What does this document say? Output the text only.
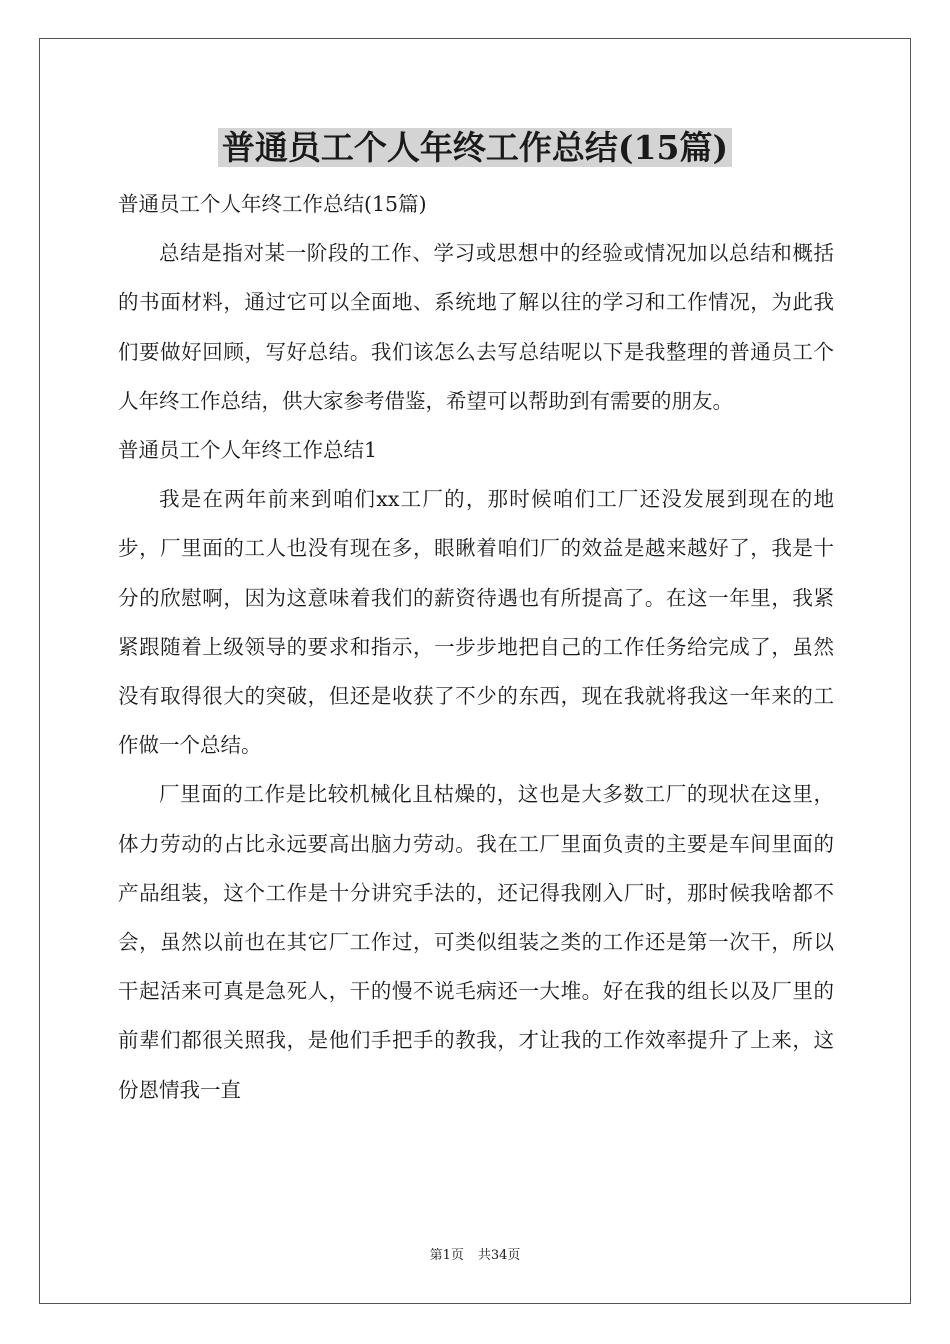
普通员工个人年终工作总结(15篇)

普通员工个人年终工作总结(15篇)

总结是指对某一阶段的工作、学习或思想中的经验或情况加以总结和概括的书面材料，通过它可以全面地、系统地了解以往的学习和工作情况，为此我们要做好回顾，写好总结。我们该怎么去写总结呢以下是我整理的普通员工个人年终工作总结，供大家参考借鉴，希望可以帮助到有需要的朋友。

普通员工个人年终工作总结1

我是在两年前来到咱们xx工厂的，那时候咱们工厂还没发展到现在的地步，厂里面的工人也没有现在多，眼瞅着咱们厂的效益是越来越好了，我是十分的欣慰啊，因为这意味着我们的薪资待遇也有所提高了。在这一年里，我紧紧跟随着上级领导的要求和指示，一步步地把自己的工作任务给完成了，虽然没有取得很大的突破，但还是收获了不少的东西，现在我就将我这一年来的工作做一个总结。

厂里面的工作是比较机械化且枯燥的，这也是大多数工厂的现状在这里，体力劳动的占比永远要高出脑力劳动。我在工厂里面负责的主要是车间里面的产品组装，这个工作是十分讲究手法的，还记得我刚入厂时，那时候我啥都不会，虽然以前也在其它厂工作过，可类似组装之类的工作还是第一次干，所以干起活来可真是急死人，干的慢不说毛病还一大堆。好在我的组长以及厂里的前辈们都很关照我，是他们手把手的教我，才让我的工作效率提升了上来，这份恩情我一直

第1页 共34页
